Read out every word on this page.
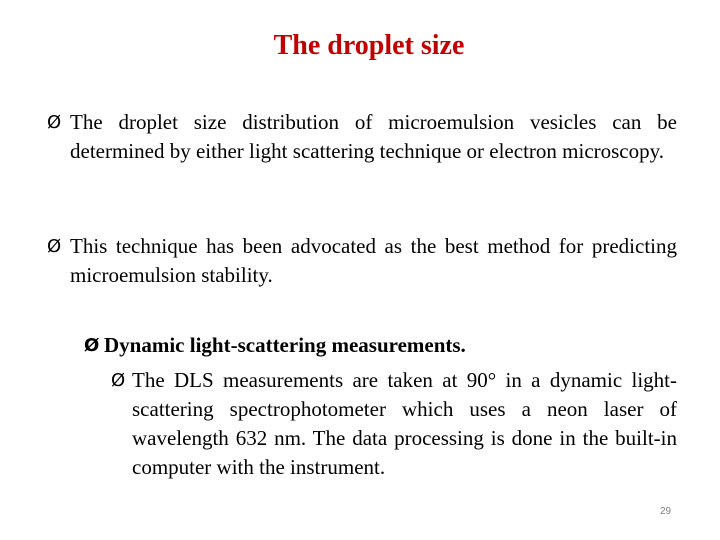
The droplet size
Ø The droplet size distribution of microemulsion vesicles can be determined by either light scattering technique or electron microscopy.
Ø This technique has been advocated as the best method for predicting microemulsion stability.
Ø Dynamic light-scattering measurements.
Ø The DLS measurements are taken at 90° in a dynamic light-scattering spectrophotometer which uses a neon laser of wavelength 632 nm. The data processing is done in the built-in computer with the instrument.
29
